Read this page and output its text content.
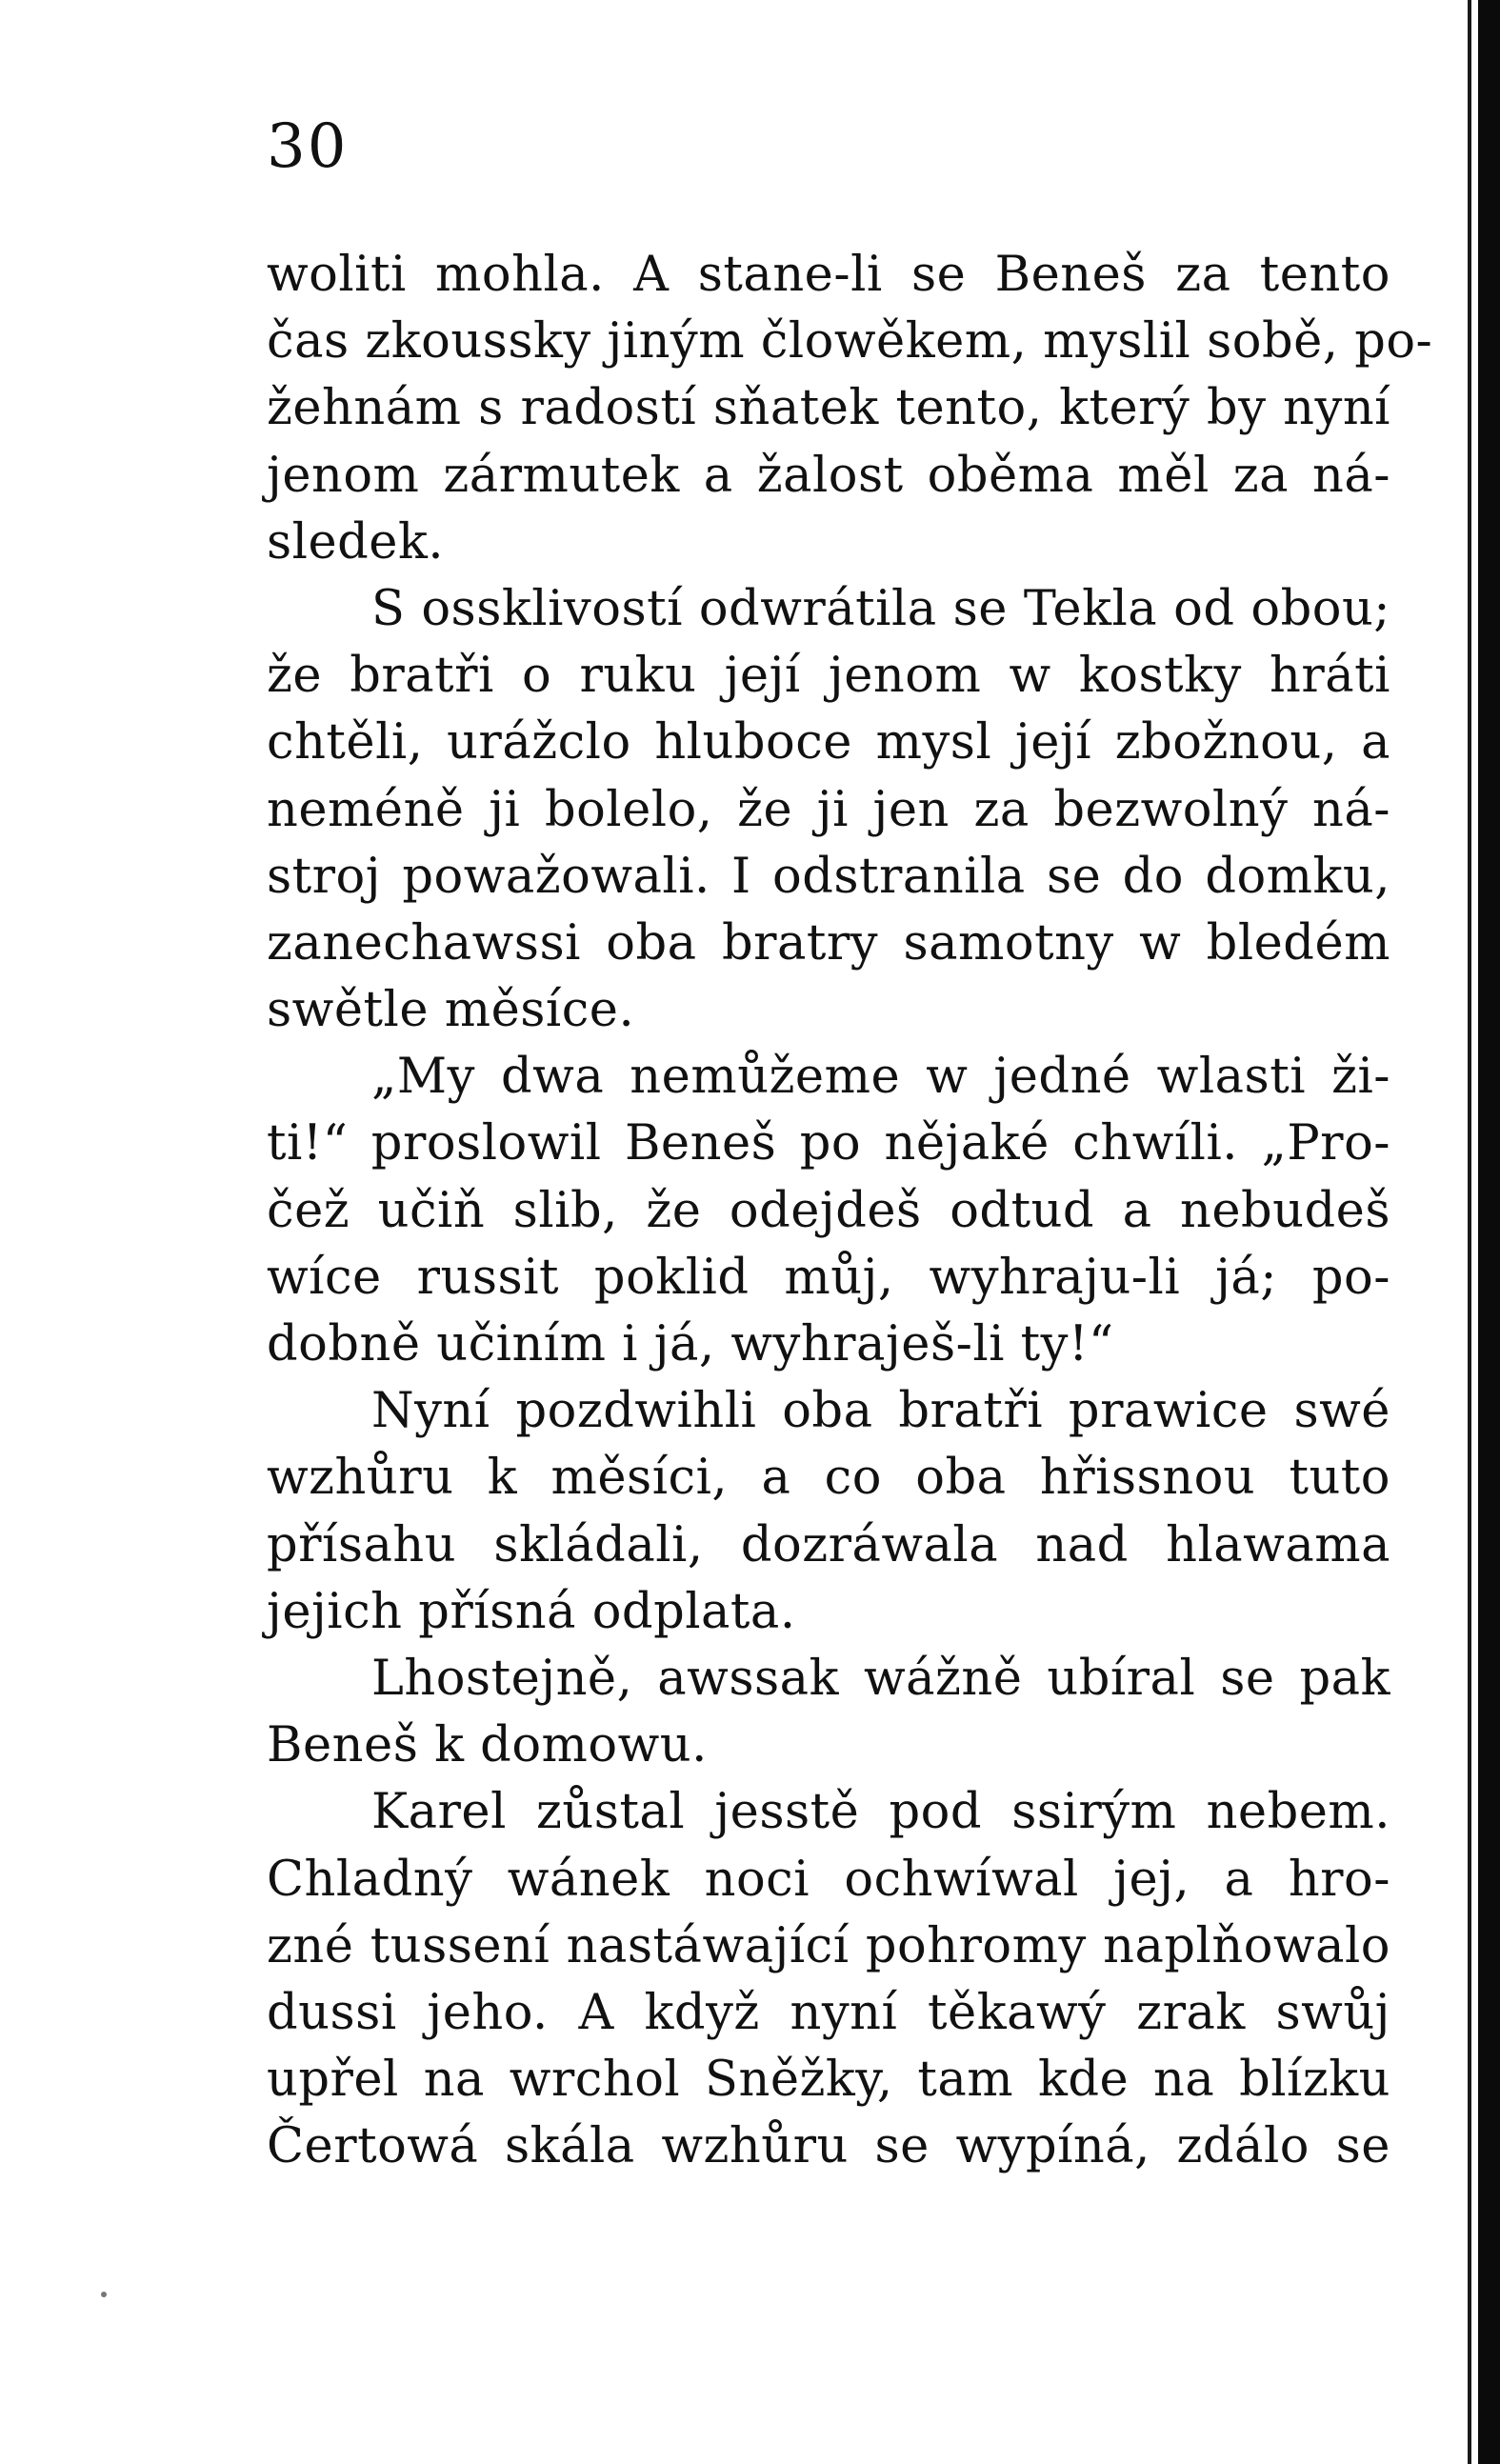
30
woliti mohla. A stane-li se Beneš za tento
čas zkoussky jiným člowěkem, myslil sobě, po-
žehnám s radostí sňatek tento, který by nyní
jenom zármutek a žalost oběma měl za ná-
sledek.
S ossklivostí odwrátila se Tekla od obou;
že bratři o ruku její jenom w kostky hráti
chtěli, urážclo hluboce mysl její zbožnou, a
neméně ji bolelo, že ji jen za bezwolný ná-
stroj powažowali. I odstranila se do domku,
zanechawssi oba bratry samotny w bledém
swětle měsíce.
„My dwa nemůžeme w jedné wlasti ži-
ti!“ proslowil Beneš po nějaké chwíli. „Pro-
čež učiň slib, že odejdeš odtud a nebudeš
wíce russit poklid můj, wyhraju-li já; po-
dobně učiním i já, wyhraješ-li ty!“
Nyní pozdwihli oba bratři prawice swé
wzhůru k měsíci, a co oba hřissnou tuto
přísahu skládali, dozráwala nad hlawama
jejich přísná odplata.
Lhostejně, awssak wážně ubíral se pak
Beneš k domowu.
Karel zůstal jesstě pod ssirým nebem.
Chladný wánek noci ochwíwal jej, a hro-
zné tussení nastáwající pohromy naplňowalo
dussi jeho. A když nyní těkawý zrak swůj
upřel na wrchol Sněžky, tam kde na blízku
Čertowá skála wzhůru se wypíná, zdálo se
